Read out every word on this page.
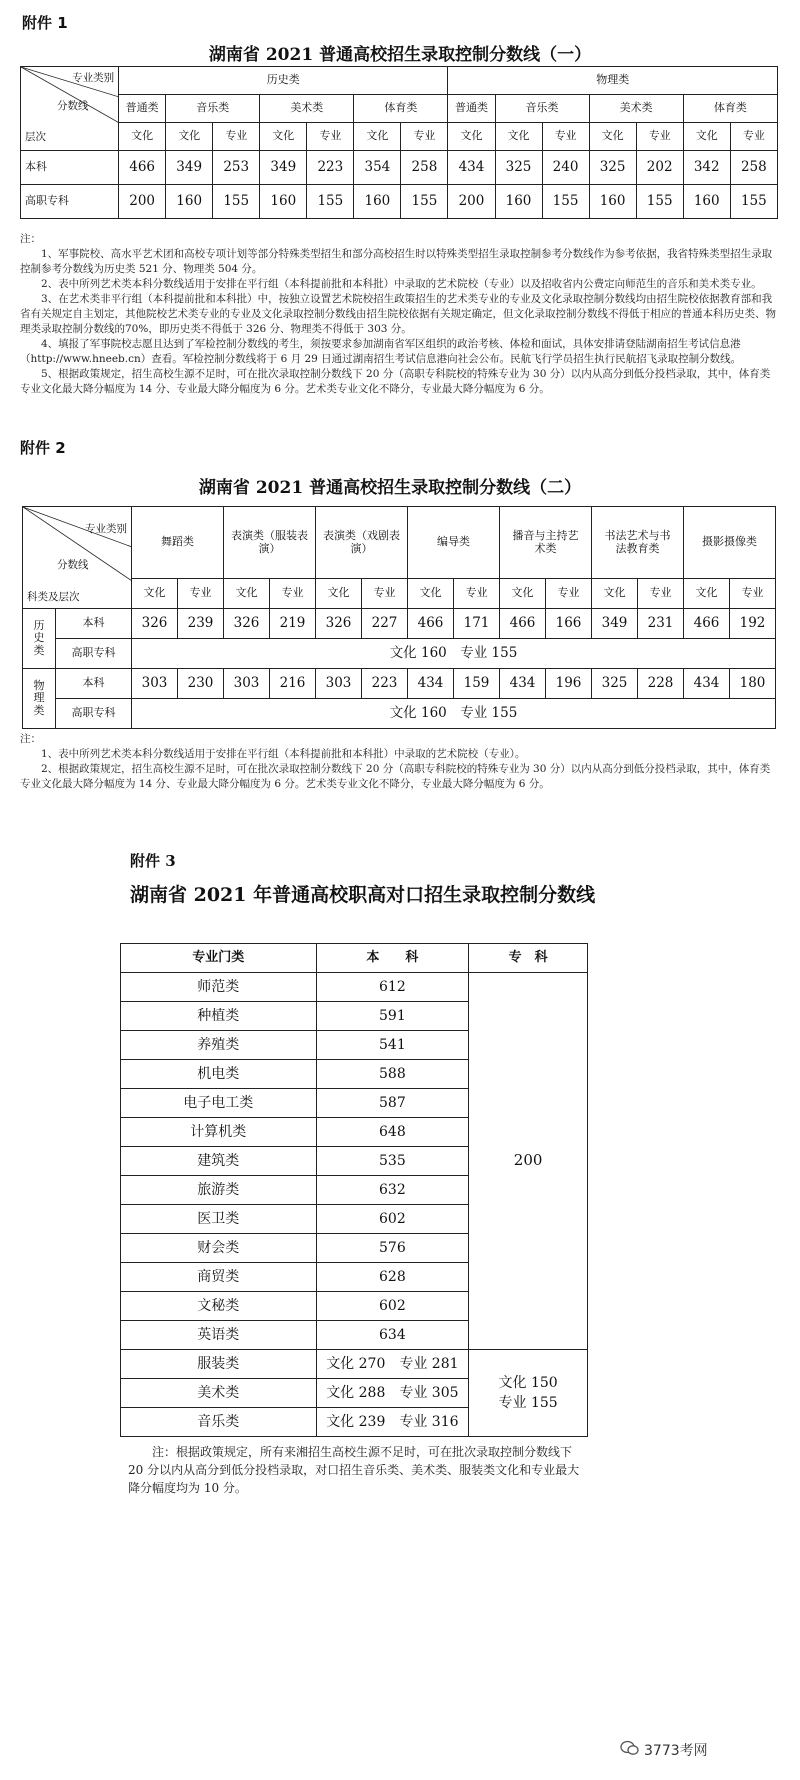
附件 1
湖南省 2021 普通高校招生录取控制分数线（一）
专业类别
分数线
层次	历史类							物理类						
	普通类	音乐类		美术类		体育类		普通类	音乐类		美术类		体育类	
	文化	文化	专业	文化	专业	文化	专业	文化	文化	专业	文化	专业	文化	专业
本科	466	349	253	349	223	354	258	434	325	240	325	202	342	258
高职专科	200	160	155	160	155	160	155	200	160	155	160	155	160	155

注：

1、军事院校、高水平艺术团和高校专项计划等部分特殊类型招生和部分高校招生时以特殊类型招生录取控制参考分数线作为参考依据，我省特殊类型招生录取控制参考分数线为历史类 521 分、物理类 504 分。

2、表中所列艺术类本科分数线适用于安排在平行组（本科提前批和本科批）中录取的艺术院校（专业）以及招收省内公费定向师范生的音乐和美术类专业。

3、在艺术类非平行组（本科提前批和本科批）中，按独立设置艺术院校招生政策招生的艺术类专业的专业及文化录取控制分数线均由招生院校依据教育部和我省有关规定自主划定，其他院校艺术类专业的专业及文化录取控制分数线由招生院校依据有关规定确定，但文化录取控制分数线不得低于相应的普通本科历史类、物理类录取控制分数线的70%，即历史类不得低于 326 分、物理类不得低于 303 分。

4、填报了军事院校志愿且达到了军检控制分数线的考生，须按要求参加湖南省军区组织的政治考核、体检和面试，具体安排请登陆湖南招生考试信息港（http://www.hneeb.cn）查看。军检控制分数线将于 6 月 29 日通过湖南招生考试信息港向社会公布。民航飞行学员招生执行民航招飞录取控制分数线。

5、根据政策规定，招生高校生源不足时，可在批次录取控制分数线下 20 分（高职专科院校的特殊专业为 30 分）以内从高分到低分投档录取，其中，体育类专业文化最大降分幅度为 14 分、专业最大降分幅度为 6 分。艺术类专业文化不降分，专业最大降分幅度为 6 分。

附件 2
湖南省 2021 普通高校招生录取控制分数线（二）
专业类别
分数线
科类及层次		舞蹈类		表演类（服装表演）		表演类（戏剧表演）		编导类		播音与主持艺术类		书法艺术与书法教育类		摄影摄像类	
		文化	专业	文化	专业	文化	专业	文化	专业	文化	专业	文化	专业	文化	专业
历史类	本科	326	239	326	219	326	227	466	171	466	166	349	231	466	192
	高职专科	文化 160　专业 155													
物理类	本科	303	230	303	216	303	223	434	159	434	196	325	228	434	180
	高职专科	文化 160　专业 155													

注：

1、表中所列艺术类本科分数线适用于安排在平行组（本科提前批和本科批）中录取的艺术院校（专业）。

2、根据政策规定，招生高校生源不足时，可在批次录取控制分数线下 20 分（高职专科院校的特殊专业为 30 分）以内从高分到低分投档录取，其中，体育类专业文化最大降分幅度为 14 分、专业最大降分幅度为 6 分。艺术类专业文化不降分，专业最大降分幅度为 6 分。

附件 3
湖南省 2021 年普通高校职高对口招生录取控制分数线
专业门类	本　　科	专　科
师范类	612	200
种植类	591	
养殖类	541	
机电类	588	
电子电工类	587	
计算机类	648	
建筑类	535	
旅游类	632	
医卫类	602	
财会类	576	
商贸类	628	
文秘类	602	
英语类	634	
服装类	文化 270　专业 281	文化 150
专业 155

美术类	文化 288　专业 305	
音乐类	文化 239　专业 316	
注：根据政策规定，所有来湘招生高校生源不足时，可在批次录取控制分数线下 20 分以内从高分到低分投档录取，对口招生音乐类、美术类、服装类文化和专业最大降分幅度均为 10 分。
3773考网
